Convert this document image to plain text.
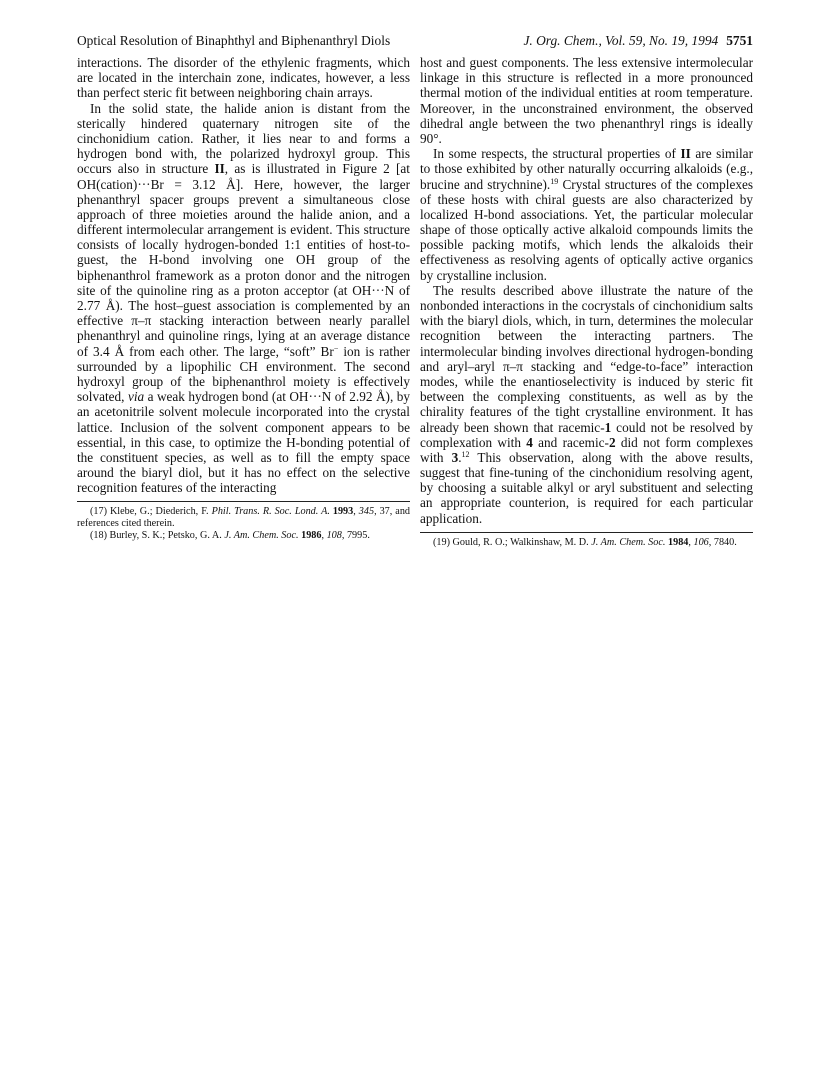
Optical Resolution of Binaphthyl and Biphenanthryl Diols	J. Org. Chem., Vol. 59, No. 19, 1994 5751

interactions. The disorder of the ethylenic fragments, which are located in the interchain zone, indicates, however, a less than perfect steric fit between neighboring chain arrays.

In the solid state, the halide anion is distant from the sterically hindered quaternary nitrogen site of the cinchonidium cation. Rather, it lies near to and forms a hydrogen bond with, the polarized hydroxyl group. This occurs also in structure II, as is illustrated in Figure 2 [at OH(cation)···Br = 3.12 Å]. Here, however, the larger phenanthryl spacer groups prevent a simultaneous close approach of three moieties around the halide anion, and a different intermolecular arrangement is evident. This structure consists of locally hydrogen-bonded 1:1 entities of host-to-guest, the H-bond involving one OH group of the biphenanthrol framework as a proton donor and the nitrogen site of the quinoline ring as a proton acceptor (at OH···N of 2.77 Å). The host–guest association is complemented by an effective π–π stacking interaction between nearly parallel phenanthryl and quinoline rings, lying at an average distance of 3.4 Å from each other. The large, “soft” Br− ion is rather surrounded by a lipophilic CH environment. The second hydroxyl group of the biphenanthrol moiety is effectively solvated, via a weak hydrogen bond (at OH···N of 2.92 Å), by an acetonitrile solvent molecule incorporated into the crystal lattice. Inclusion of the solvent component appears to be essential, in this case, to optimize the H-bonding potential of the constituent species, as well as to fill the empty space around the biaryl diol, but it has no effect on the selective recognition features of the interacting

(17) Klebe, G.; Diederich, F. Phil. Trans. R. Soc. Lond. A. 1993, 345, 37, and references cited therein.

(18) Burley, S. K.; Petsko, G. A. J. Am. Chem. Soc. 1986, 108, 7995.

host and guest components. The less extensive intermolecular linkage in this structure is reflected in a more pronounced thermal motion of the individual entities at room temperature. Moreover, in the unconstrained environment, the observed dihedral angle between the two phenanthryl rings is ideally 90°.

In some respects, the structural properties of II are similar to those exhibited by other naturally occurring alkaloids (e.g., brucine and strychnine).$^{19}$ Crystal structures of the complexes of these hosts with chiral guests are also characterized by localized H-bond associations. Yet, the particular molecular shape of those optically active alkaloid compounds limits the possible packing motifs, which lends the alkaloids their effectiveness as resolving agents of optically active organics by crystalline inclusion.

The results described above illustrate the nature of the nonbonded interactions in the cocrystals of cinchonidium salts with the biaryl diols, which, in turn, determines the molecular recognition between the interacting partners. The intermolecular binding involves directional hydrogen-bonding and aryl–aryl π–π stacking and “edge-to-face” interaction modes, while the enantioselectivity is induced by steric fit between the complexing constituents, as well as by the chirality features of the tight crystalline environment. It has already been shown that racemic-1 could not be resolved by complexation with 4 and racemic-2 did not form complexes with 3.12 This observation, along with the above results, suggest that fine-tuning of the cinchonidium resolving agent, by choosing a suitable alkyl or aryl substituent and selecting an appropriate counterion, is required for each particular application.

(19) Gould, R. O.; Walkinshaw, M. D. J. Am. Chem. Soc. 1984, 106, 7840.
